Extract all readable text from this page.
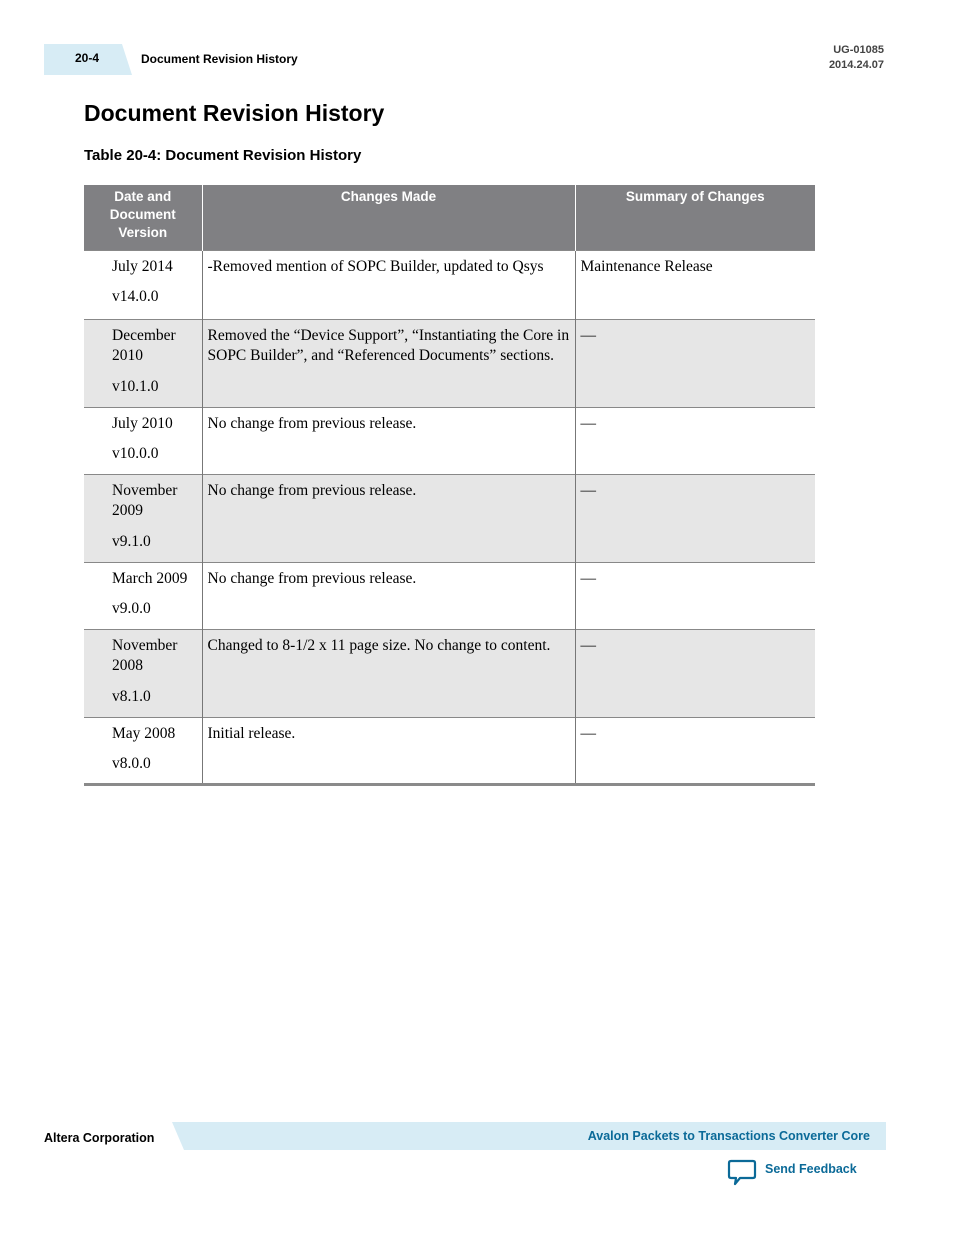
20-4	Document Revision History
UG-01085
2014.24.07
Document Revision History
Table 20-4: Document Revision History
Date and Document Version	Changes Made	Summary of Changes

July 2014
v14.0.0	-Removed mention of SOPC Builder, updated to Qsys	Maintenance Release

December 2010
v10.1.0	Removed the “Device Support”, “Instantiating the Core in SOPC Builder”, and “Referenced Documents” sections.	—

July 2010
v10.0.0	No change from previous release.	—

November 2009
v9.1.0	No change from previous release.	—

March 2009
v9.0.0	No change from previous release.	—

November 2008
v8.1.0	Changed to 8-1/2 x 11 page size. No change to content.	—

May 2008
v8.0.0	Initial release.	—
Altera Corporation	Avalon Packets to Transactions Converter Core
Send Feedback
